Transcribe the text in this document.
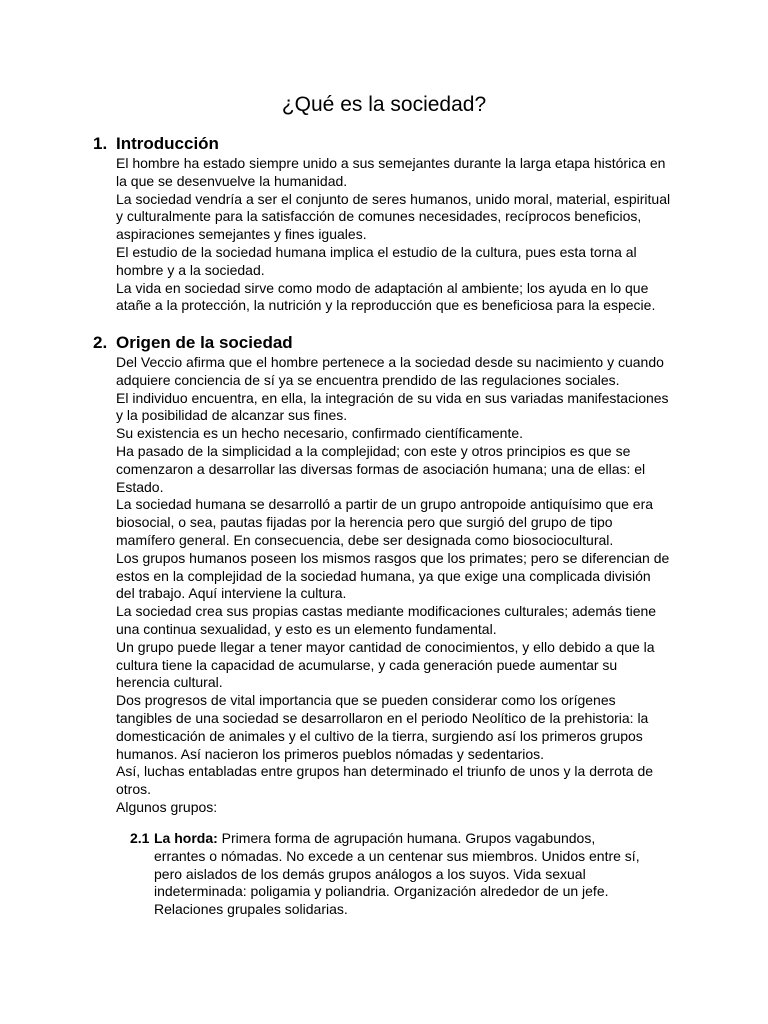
¿Qué es la sociedad?
1. Introducción

El hombre ha estado siempre unido a sus semejantes durante la larga etapa histórica en la que se desenvuelve la humanidad.

La sociedad vendría a ser el conjunto de seres humanos, unido moral, material, espiritual y culturalmente para la satisfacción de comunes necesidades, recíprocos beneficios, aspiraciones semejantes y fines iguales.

El estudio de la sociedad humana implica el estudio de la cultura, pues esta torna al hombre y a la sociedad.

La vida en sociedad sirve como modo de adaptación al ambiente; los ayuda en lo que atañe a la protección, la nutrición y la reproducción que es beneficiosa para la especie.

2. Origen de la sociedad

Del Veccio afirma que el hombre pertenece a la sociedad desde su nacimiento y cuando adquiere conciencia de sí ya se encuentra prendido de las regulaciones sociales.

El individuo encuentra, en ella, la integración de su vida en sus variadas manifestaciones y la posibilidad de alcanzar sus fines.

Su existencia es un hecho necesario, confirmado científicamente.

Ha pasado de la simplicidad a la complejidad; con este y otros principios es que se comenzaron a desarrollar las diversas formas de asociación humana; una de ellas: el Estado.

La sociedad humana se desarrolló a partir de un grupo antropoide antiquísimo que era biosocial, o sea, pautas fijadas por la herencia pero que surgió del grupo de tipo mamífero general. En consecuencia, debe ser designada como biosociocultural.

Los grupos humanos poseen los mismos rasgos que los primates; pero se diferencian de estos en la complejidad de la sociedad humana, ya que exige una complicada división del trabajo. Aquí interviene la cultura.

La sociedad crea sus propias castas mediante modificaciones culturales; además tiene una continua sexualidad, y esto es un elemento fundamental.

Un grupo puede llegar a tener mayor cantidad de conocimientos, y ello debido a que la cultura tiene la capacidad de acumularse, y cada generación puede aumentar su herencia cultural.

Dos progresos de vital importancia que se pueden considerar como los orígenes tangibles de una sociedad se desarrollaron en el periodo Neolítico de la prehistoria: la domesticación de animales y el cultivo de la tierra, surgiendo así los primeros grupos humanos. Así nacieron los primeros pueblos nómadas y sedentarios.

Así, luchas entabladas entre grupos han determinado el triunfo de unos y la derrota de otros.

Algunos grupos:

2.1 La horda: Primera forma de agrupación humana. Grupos vagabundos, errantes o nómadas. No excede a un centenar sus miembros. Unidos entre sí, pero aislados de los demás grupos análogos a los suyos. Vida sexual indeterminada: poligamia y poliandria. Organización alrededor de un jefe. Relaciones grupales solidarias.
